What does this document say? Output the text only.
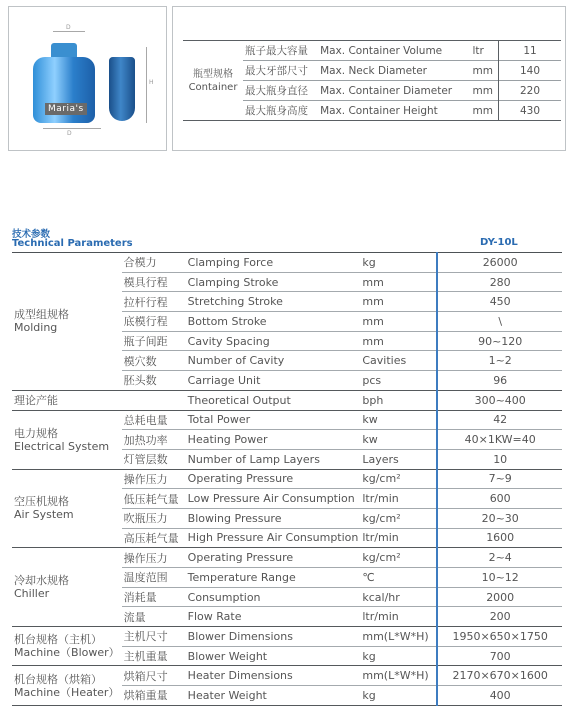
D
H
D
Maria's
瓶型规格
Container	瓶子最大容量	Max. Container Volume	ltr	11
	最大牙部尺寸	Max. Neck Diameter	mm	140
	最大瓶身直径	Max. Container Diameter	mm	220
	最大瓶身高度	Max. Container Height	mm	430
技术参数
Technical Parameters	DY-10L
成型组规格
Molding	合模力	Clamping Force	kg	26000
	模具行程	Clamping Stroke	mm	280
	拉杆行程	Stretching Stroke	mm	450
	底模行程	Bottom Stroke	mm	\
	瓶子间距	Cavity Spacing	mm	90~120
	模穴数	Number of Cavity	Cavities	1~2
	胚头数	Carriage Unit	pcs	96

理论产能		Theoretical Output	bph	300~400

电力规格
Electrical System	总耗电量	Total Power	kw	42
	加热功率	Heating Power	kw	40×1KW=40
	灯管层数	Number of Lamp Layers	Layers	10

空压机规格
Air System	操作压力	Operating Pressure	kg/cm²	7~9
	低压耗气量	Low Pressure Air Consumption	ltr/min	600
	吹瓶压力	Blowing Pressure	kg/cm²	20~30
	高压耗气量	High Pressure Air Consumption	ltr/min	1600

冷却水规格
Chiller	操作压力	Operating Pressure	kg/cm²	2~4
	温度范围	Temperature Range	℃	10~12
	消耗量	Consumption	kcal/hr	2000
	流量	Flow Rate	ltr/min	200

机台规格（主机）
Machine（Blower）	主机尺寸	Blower Dimensions	mm(L*W*H)	1950×650×1750
	主机重量	Blower Weight	kg	700

机台规格（烘箱）
Machine（Heater）	烘箱尺寸	Heater Dimensions	mm(L*W*H)	2170×670×1600
	烘箱重量	Heater Weight	kg	400
